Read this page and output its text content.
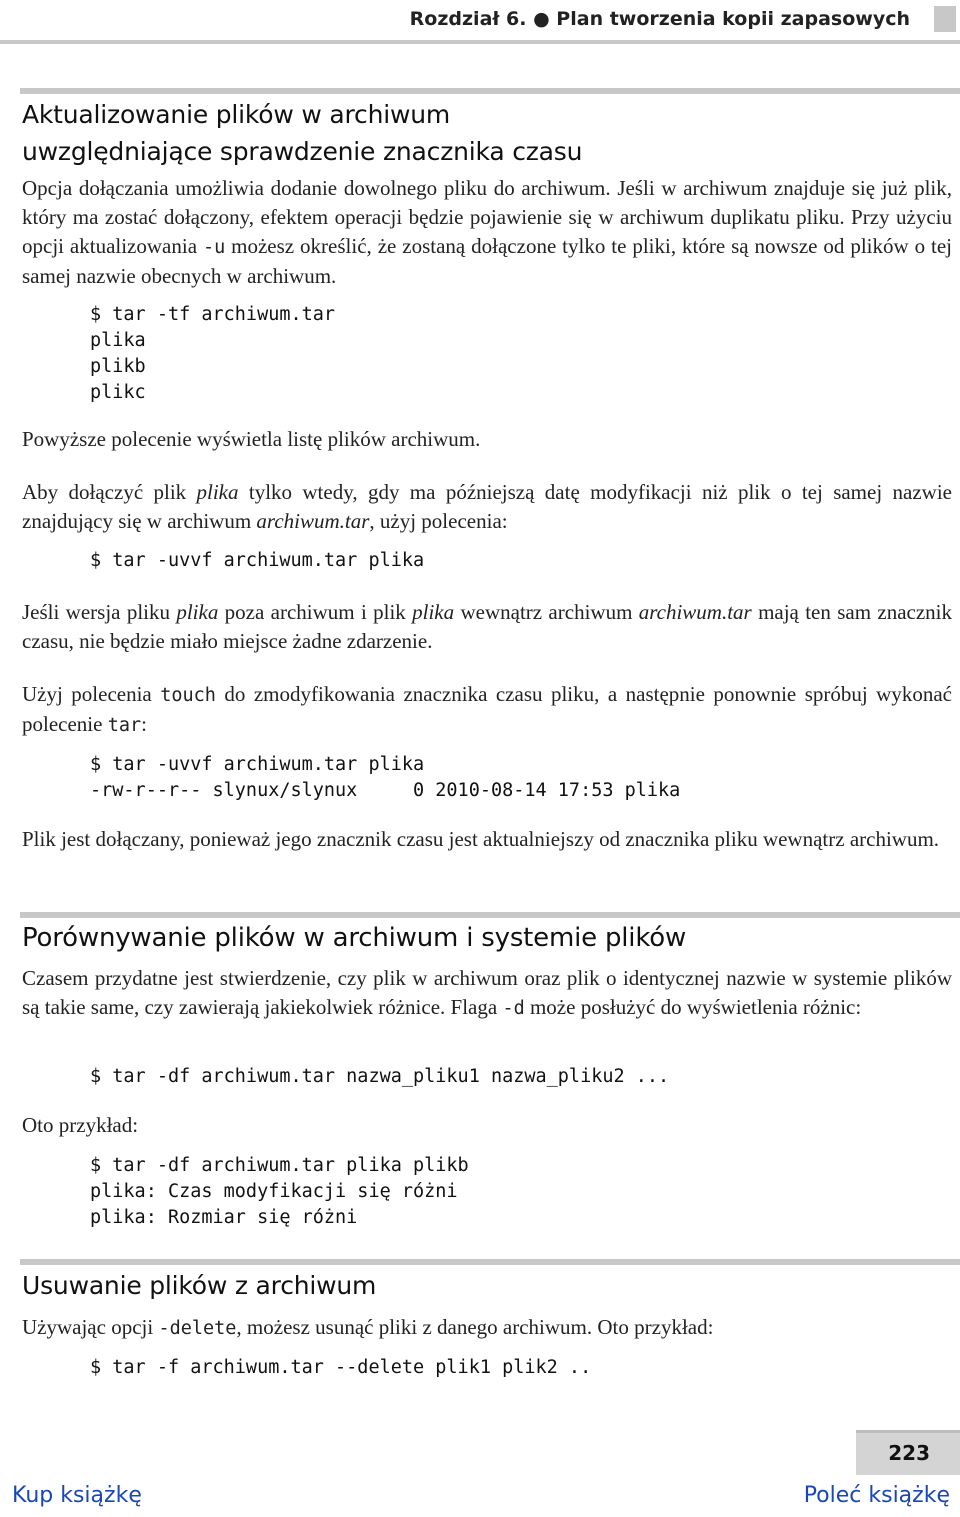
Rozdział 6. ● Plan tworzenia kopii zapasowych
Aktualizowanie plików w archiwum
uwzględniające sprawdzenie znacznika czasu

Opcja dołączania umożliwia dodanie dowolnego pliku do archiwum. Jeśli w archiwum znajduje się już plik, który ma zostać dołączony, efektem operacji będzie pojawienie się w archiwum duplikatu pliku. Przy użyciu opcji aktualizowania -u możesz określić, że zostaną dołączone tylko te pliki, które są nowsze od plików o tej samej nazwie obecnych w archiwum.

$ tar -tf archiwum.tar
plika
plikb
plikc

Powyższe polecenie wyświetla listę plików archiwum.

Aby dołączyć plik plika tylko wtedy, gdy ma późniejszą datę modyfikacji niż plik o tej samej nazwie znajdujący się w archiwum archiwum.tar, użyj polecenia:

$ tar -uvvf archiwum.tar plika

Jeśli wersja pliku plika poza archiwum i plik plika wewnątrz archiwum archiwum.tar mają ten sam znacznik czasu, nie będzie miało miejsce żadne zdarzenie.

Użyj polecenia touch do zmodyfikowania znacznika czasu pliku, a następnie ponownie spróbuj wykonać polecenie tar:

$ tar -uvvf archiwum.tar plika
-rw-r--r-- slynux/slynux     0 2010-08-14 17:53 plika

Plik jest dołączany, ponieważ jego znacznik czasu jest aktualniejszy od znacznika pliku wewnątrz archiwum.

Porównywanie plików w archiwum i systemie plików

Czasem przydatne jest stwierdzenie, czy plik w archiwum oraz plik o identycznej nazwie w systemie plików są takie same, czy zawierają jakiekolwiek różnice. Flaga -d może posłużyć do wyświetlenia różnic:

$ tar -df archiwum.tar nazwa_pliku1 nazwa_pliku2 ...

Oto przykład:

$ tar -df archiwum.tar plika plikb
plika: Czas modyfikacji się różni
plika: Rozmiar się różni
Usuwanie plików z archiwum

Używając opcji -delete, możesz usunąć pliki z danego archiwum. Oto przykład:

$ tar -f archiwum.tar --delete plik1 plik2 ..
223
Kup książkę	Poleć książkę
